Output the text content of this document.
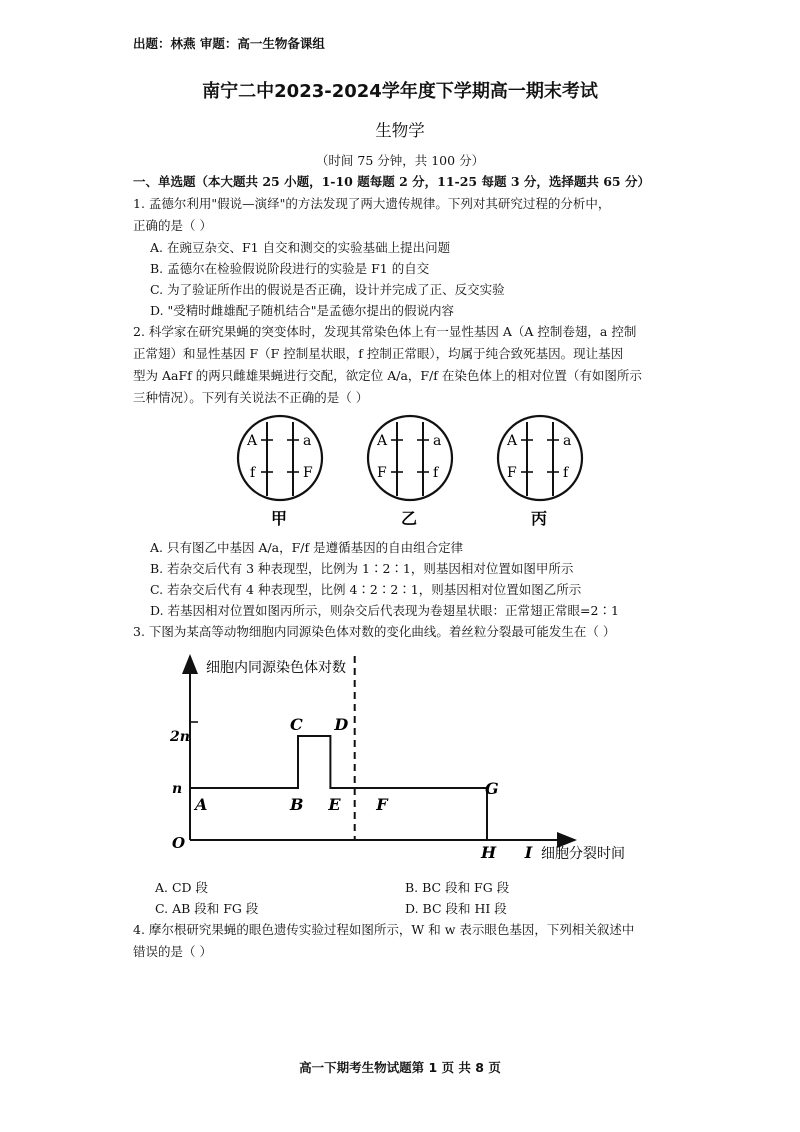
出题：林燕 审题：高一生物备课组
南宁二中2023-2024学年度下学期高一期末考试
生物学
（时间 75 分钟，共 100 分）
一、单选题（本大题共 25 小题，1-10 题每题 2 分，11-25 每题 3 分，选择题共 65 分）
1. 孟德尔利用"假说—演绎"的方法发现了两大遗传规律。下列对其研究过程的分析中，
正确的是（ ）
A. 在豌豆杂交、F1 自交和测交的实验基础上提出问题
B. 孟德尔在检验假说阶段进行的实验是 F1 的自交
C. 为了验证所作出的假说是否正确，设计并完成了正、反交实验
D. "受精时雌雄配子随机结合"是孟德尔提出的假说内容
2. 科学家在研究果蝇的突变体时，发现其常染色体上有一显性基因 A（A 控制卷翅，a 控制
正常翅）和显性基因 F（F 控制星状眼，f 控制正常眼），均属于纯合致死基因。现让基因
型为 AaFf 的两只雌雄果蝇进行交配，欲定位 A/a，F/f 在染色体上的相对位置（有如图所示
三种情况）。下列有关说法不正确的是（ ）
A	a
f	F
甲
A	a
F	f
乙
A	a
F	f
丙
A. 只有图乙中基因 A/a，F/f 是遵循基因的自由组合定律
B. 若杂交后代有 3 种表现型，比例为 1∶2∶1，则基因相对位置如图甲所示
C. 若杂交后代有 4 种表现型，比例 4∶2∶2∶1，则基因相对位置如图乙所示
D. 若基因相对位置如图丙所示，则杂交后代表现为卷翅星状眼：正常翅正常眼=2∶1
3. 下图为某高等动物细胞内同源染色体对数的变化曲线。着丝粒分裂最可能发生在（ ）
细胞内同源染色体对数
细胞分裂时间
O
n
2n
A	B
C D
E F
G
H I
A. CD 段	B. BC 段和 FG 段
C. AB 段和 FG 段	D. BC 段和 HI 段
4. 摩尔根研究果蝇的眼色遗传实验过程如图所示，W 和 w 表示眼色基因，下列相关叙述中
错误的是（ ）
高一下期考生物试题第 1 页 共 8 页
